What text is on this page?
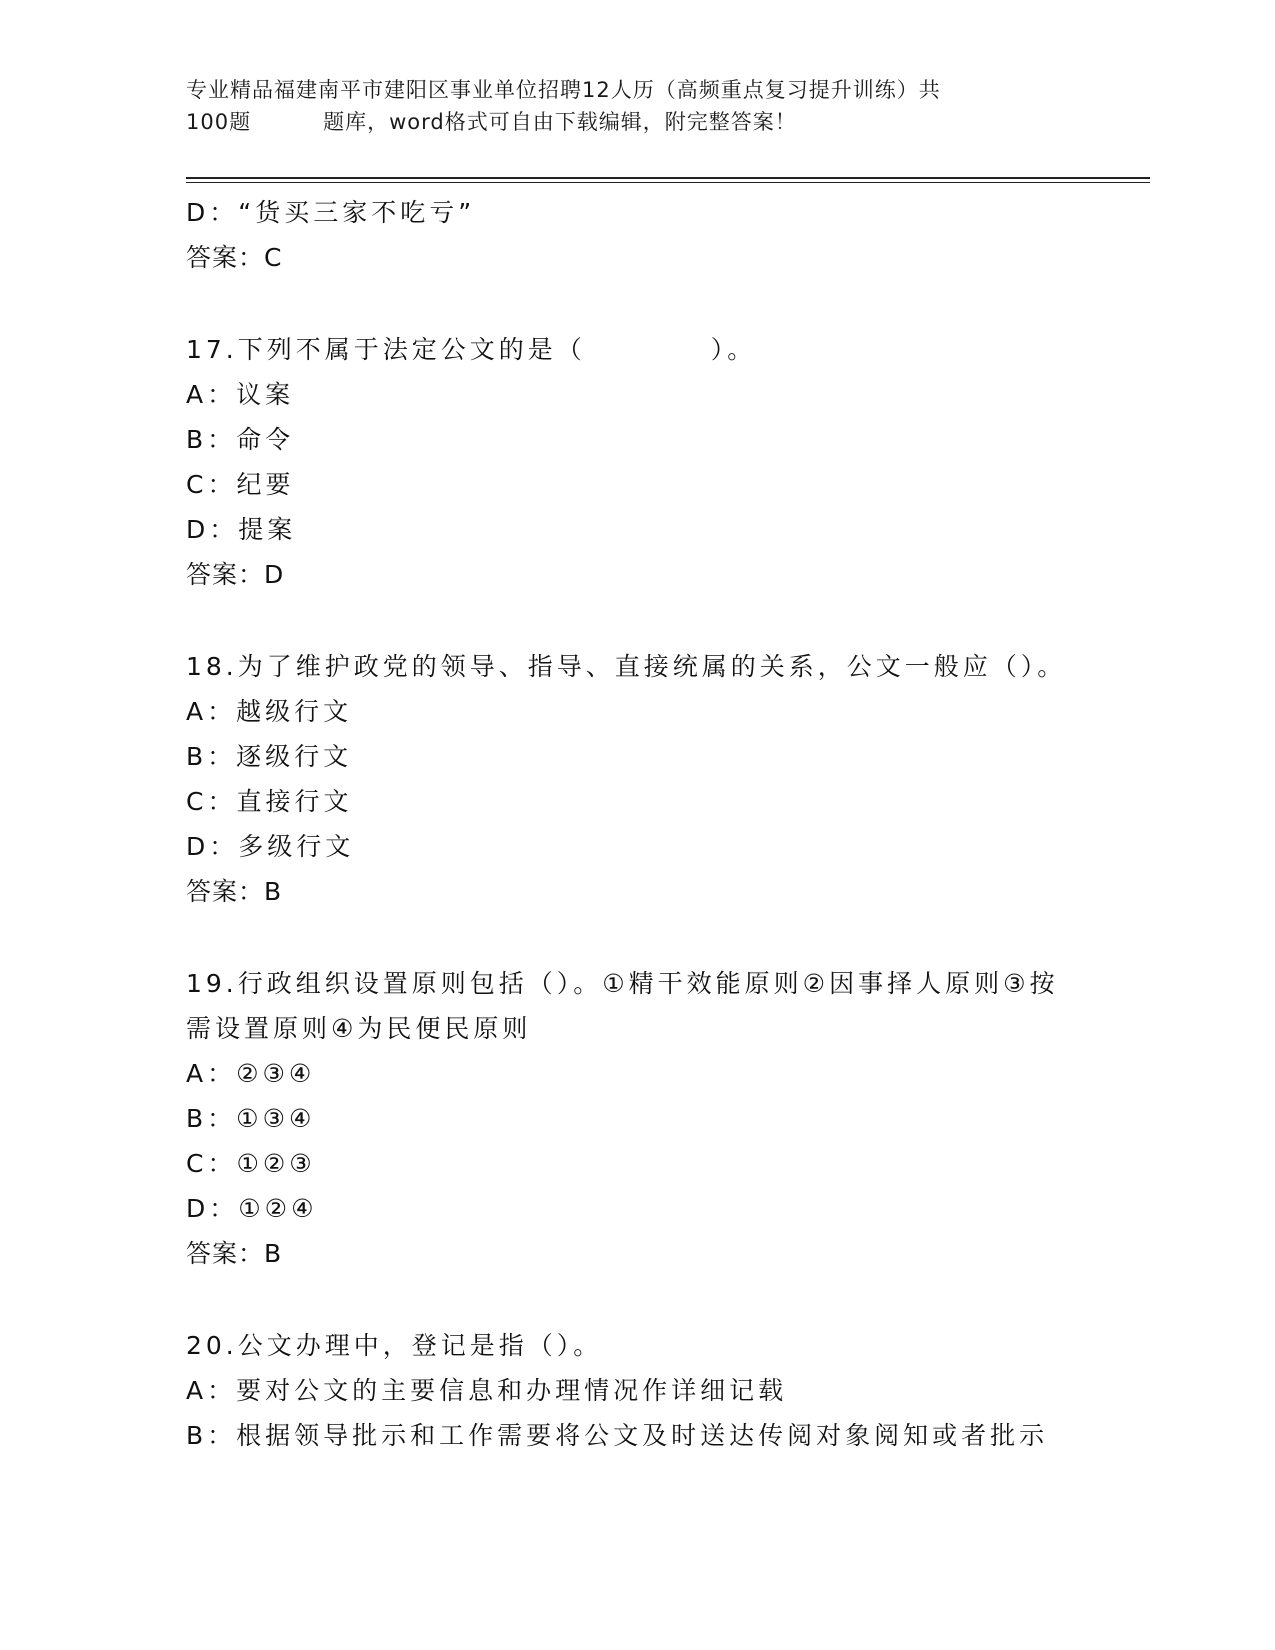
专业精品福建南平市建阳区事业单位招聘12人历（高频重点复习提升训练）共
100题	题库，word格式可自由下载编辑，附完整答案！
D：“货买三家不吃亏”
答案：C
17.下列不属于法定公文的是（	）。
A：议案
B：命令
C：纪要
D：提案
答案：D
18.为了维护政党的领导、指导、直接统属的关系，公文一般应（）。
A：越级行文
B：逐级行文
C：直接行文
D：多级行文
答案：B
19.行政组织设置原则包括（）。①精干效能原则②因事择人原则③按
需设置原则④为民便民原则
A：②③④
B：①③④
C：①②③
D：①②④
答案：B
20.公文办理中，登记是指（）。
A：要对公文的主要信息和办理情况作详细记载
B：根据领导批示和工作需要将公文及时送达传阅对象阅知或者批示
